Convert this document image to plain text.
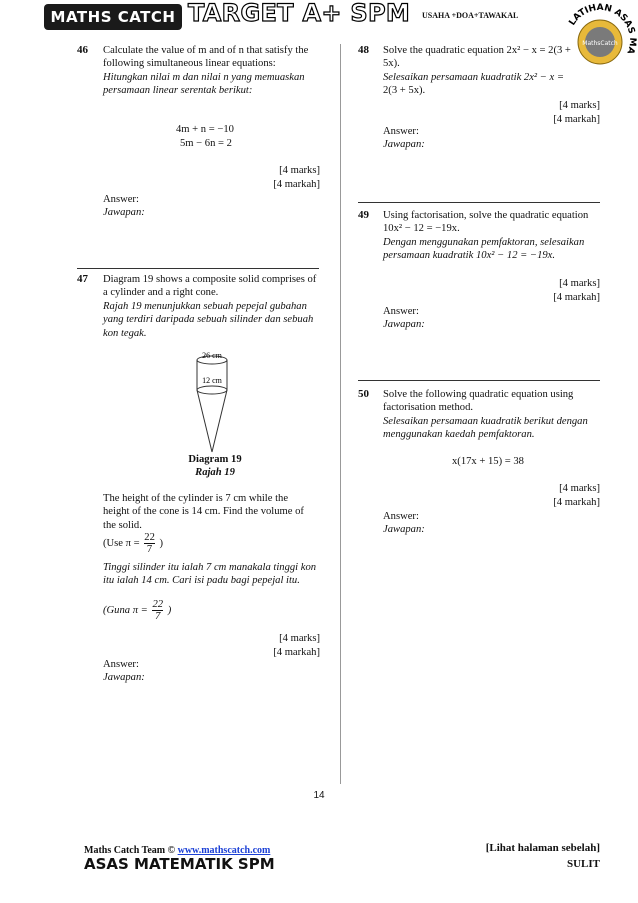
MATHS CATCH TARGET A+ SPM USAHA +DOA+TAWAKAL
LATIHAN ASAS MATEMATIK
MathsCatch
46 Calculate the value of m and of n that satisfy the following simultaneous linear equations:
Hitungkan nilai m dan nilai n yang memuaskan persamaan linear serentak berikut:
4m + n = −10
5m − 6n = 2
[4 marks]
[4 markah]
Answer:
Jawapan:
47 Diagram 19 shows a composite solid comprises of a cylinder and a right cone.
Rajah 19 menunjukkan sebuah pepejal gubahan yang terdiri daripada sebuah silinder dan sebuah kon tegak.
26 cm
12 cm
Diagram 19
Rajah 19
The height of the cylinder is 7 cm while the height of the cone is 14 cm. Find the volume of the solid.
(Use $\pi = \frac{22}{7}$ )
Tinggi silinder itu ialah 7 cm manakala tinggi kon itu ialah 14 cm. Cari isi padu bagi pepejal itu.
(Guna $\pi = \frac{22}{7}$ )
[4 marks]
[4 markah]
Answer:
Jawapan:
48 Solve the quadratic equation 2x² − x = 2(3 +
5x).
Selesaikan persamaan kuadratik 2x² − x =
2(3 + 5x).
[4 marks]
[4 markah]
Answer:
Jawapan:
49 Using factorisation, solve the quadratic equation 10x² − 12 = −19x.
Dengan menggunakan pemfaktoran, selesaikan persamaan kuadratik 10x² − 12 = −19x.
[4 marks]
[4 markah]
Answer:
Jawapan:
50 Solve the following quadratic equation using factorisation method.
Selesaikan persamaan kuadratik berikut dengan menggunakan kaedah pemfaktoran.
x(17x + 15) = 38
[4 marks]
[4 markah]
Answer:
Jawapan:
14
Maths Catch Team © www.mathscatch.com
ASAS MATEMATIK SPM
[Lihat halaman sebelah]
SULIT
